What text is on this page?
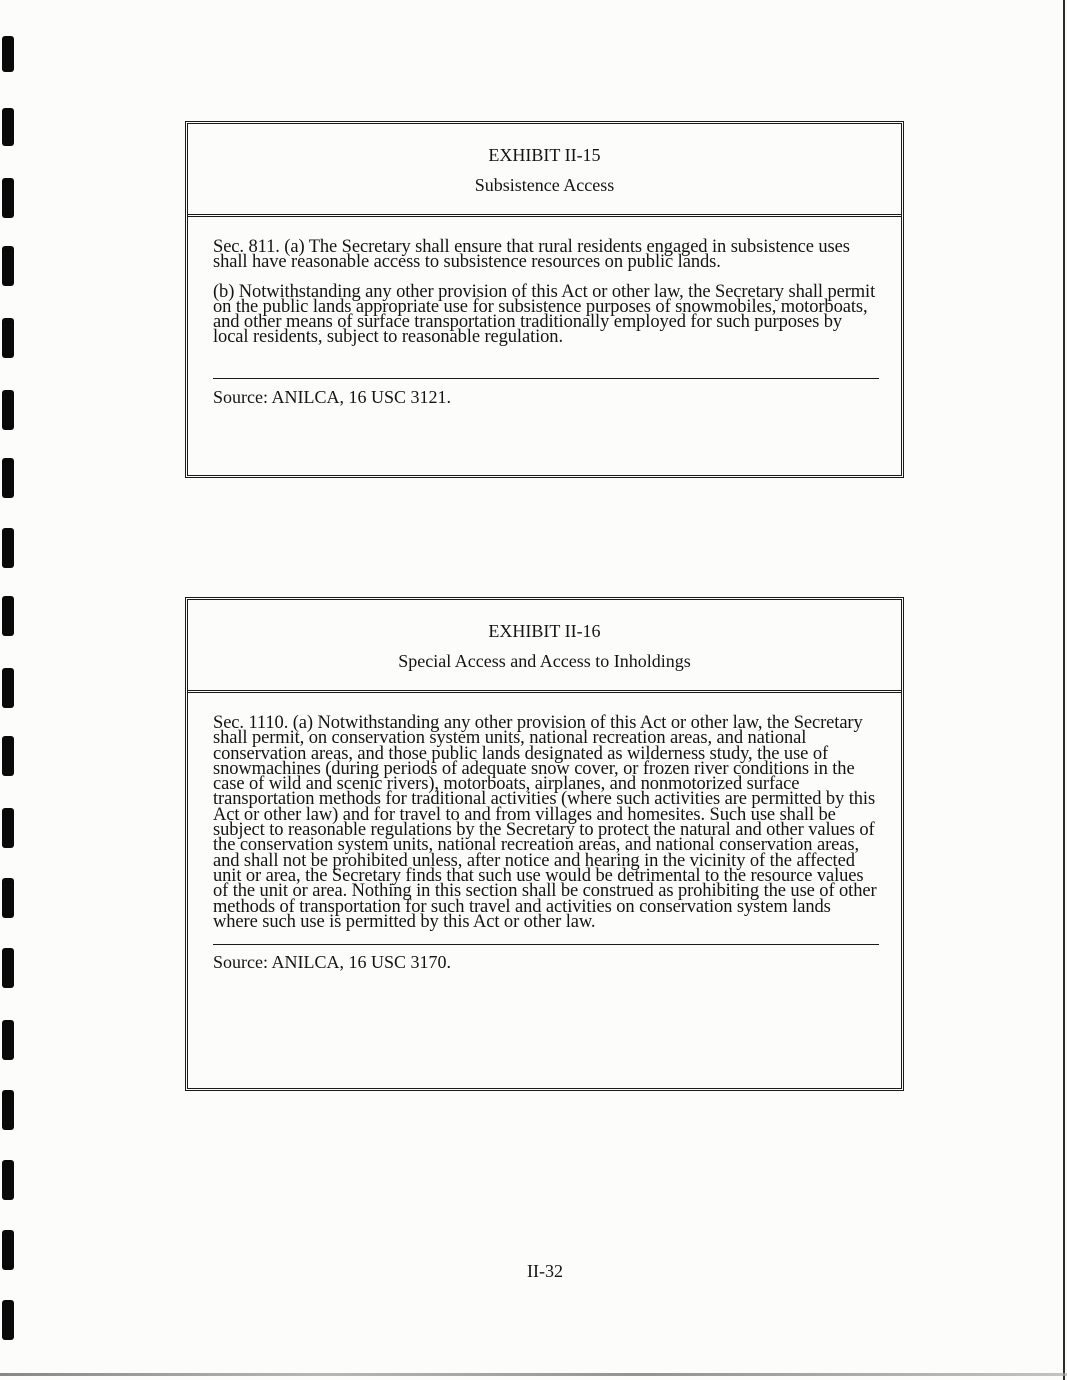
EXHIBIT II-15
Subsistence Access

Sec. 811. (a) The Secretary shall ensure that rural residents engaged in subsistence uses shall have reasonable access to subsistence resources on public lands.

(b) Notwithstanding any other provision of this Act or other law, the Secretary shall permit on the public lands appropriate use for subsistence purposes of snowmobiles, motorboats, and other means of surface transportation traditionally employed for such purposes by local residents, subject to reasonable regulation.

Source: ANILCA, 16 USC 3121.
EXHIBIT II-16
Special Access and Access to Inholdings

Sec. 1110. (a) Notwithstanding any other provision of this Act or other law, the Secretary shall permit, on conservation system units, national recreation areas, and national conservation areas, and those public lands designated as wilderness study, the use of snowmachines (during periods of adequate snow cover, or frozen river conditions in the case of wild and scenic rivers), motorboats, airplanes, and nonmotorized surface transportation methods for traditional activities (where such activities are permitted by this Act or other law) and for travel to and from villages and homesites. Such use shall be subject to reasonable regulations by the Secretary to protect the natural and other values of the conservation system units, national recreation areas, and national conservation areas, and shall not be prohibited unless, after notice and hearing in the vicinity of the affected unit or area, the Secretary finds that such use would be detrimental to the resource values of the unit or area. Nothing in this section shall be construed as prohibiting the use of other methods of transportation for such travel and activities on conservation system lands where such use is permitted by this Act or other law.

Source: ANILCA, 16 USC 3170.
II-32
